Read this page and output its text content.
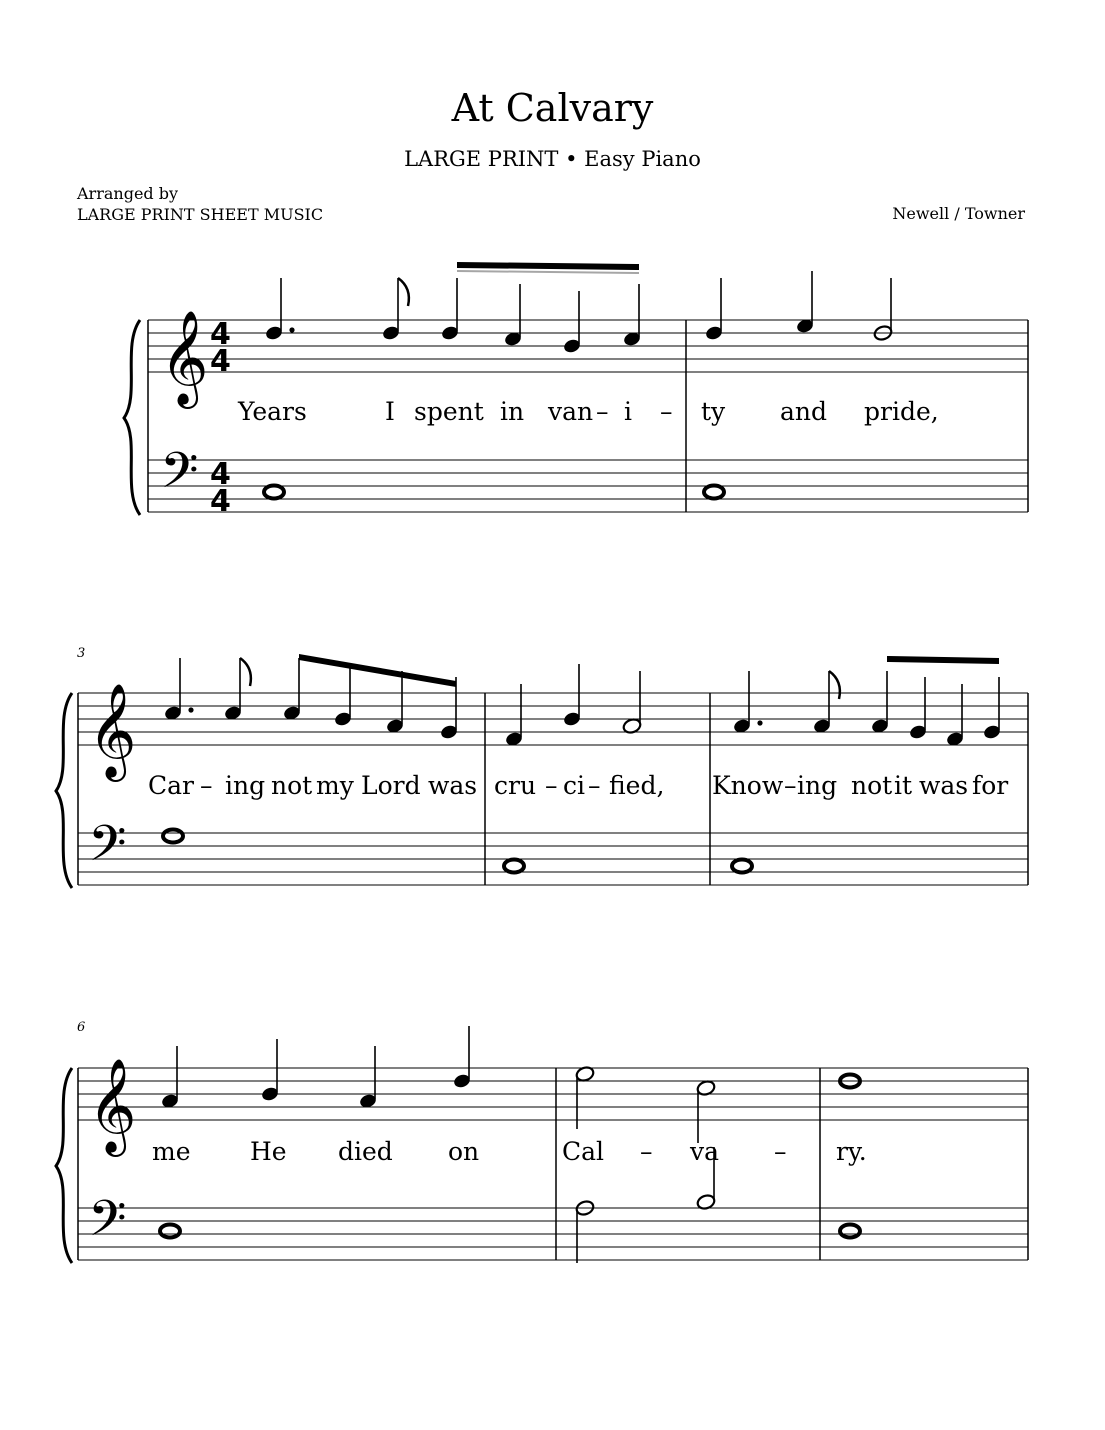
At Calvary
LARGE PRINT • Easy Piano
Arranged by
LARGE PRINT SHEET MUSIC	Newell / Towner
𝄞
𝄢
4
4
4
4
Years	I spent in van – i – ty and pride,
3
𝄞
𝄢
Car – ing not my Lord was cru – ci – fied, Know – ing not it was for
6
𝄞
𝄢
me He died on	Cal – va – ry.
